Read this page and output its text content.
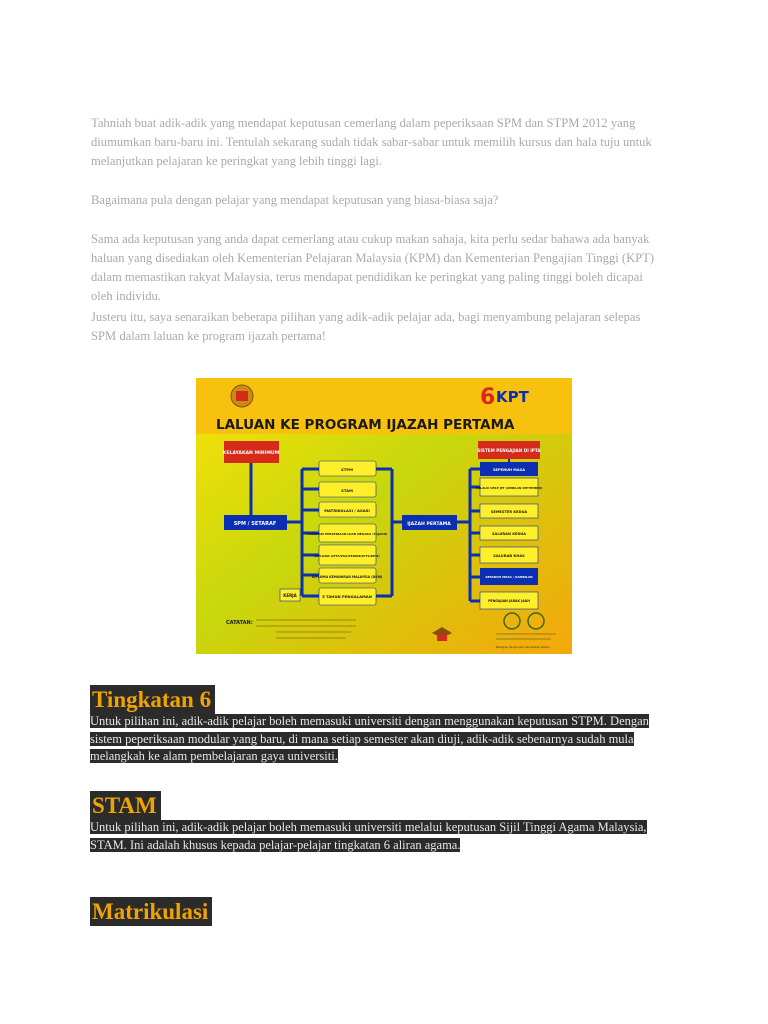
Tahniah buat adik-adik yang mendapat keputusan cemerlang dalam peperiksaan SPM dan STPM 2012 yang diumumkan baru-baru ini. Tentulah sekarang sudah tidak sabar-sabar untuk memilih kursus dan hala tuju untuk melanjutkan pelajaran ke peringkat yang lebih tinggi lagi.

Bagaimana pula dengan pelajar yang mendapat keputusan yang biasa-biasa saja?

Sama ada keputusan yang anda dapat cemerlang atau cukup makan sahaja, kita perlu sedar bahawa ada banyak haluan yang disediakan oleh Kementerian Pelajaran Malaysia (KPM) dan Kementerian Pengajian Tinggi (KPT) dalam memastikan rakyat Malaysia, terus mendapat pendidikan ke peringkat yang paling tinggi boleh dicapai oleh individu.

Justeru itu, saya senaraikan beberapa pilihan yang adik-adik pelajar ada, bagi menyambung pelajaran selepas SPM dalam laluan ke program ijazah pertama!

6 KPT
LALUAN KE PROGRAM IJAZAH PERTAMA
KELAYAKAN MINIMUM
SPM / SETARAF
STPM
STAM
MATRIKULASI / ASASI
PROGRAM PERSEDIAAN LUAR NEGARA (TAJAAN)
DIPLOMA (IPTA/POLITEKNIK/IPTS/KPM)
DIPLOMA KEMAHIRAN MALAYSIA (DKM)
5 TAHUN PENGALAMAN
KERJA
IJAZAH PERTAMA
SISTEM PENGAJIAN DI IPTA
SEPENUH MASA
MELALUI UPKP JPT (AMBILAN SEPTEMBER)
SEMESTER KEDUA
SALURAN KEDUA
SALURAN KHAS
SEPARUH MASA / SAMBILAN
PENGAJIAN JARAK JAUH
CATATAN:
Bahagian Pengurusan Kemasukan Pelajar
Tingkatan 6

Untuk pilihan ini, adik-adik pelajar boleh memasuki universiti dengan menggunakan keputusan STPM. Dengan
sistem peperiksaan modular yang baru, di mana setiap semester akan diuji, adik-adik sebenarnya sudah mula
melangkah ke alam pembelajaran gaya universiti.

STAM

Untuk pilihan ini, adik-adik pelajar boleh memasuki universiti melalui keputusan Sijil Tinggi Agama Malaysia,
STAM. Ini adalah khusus kepada pelajar-pelajar tingkatan 6 aliran agama.

Matrikulasi
